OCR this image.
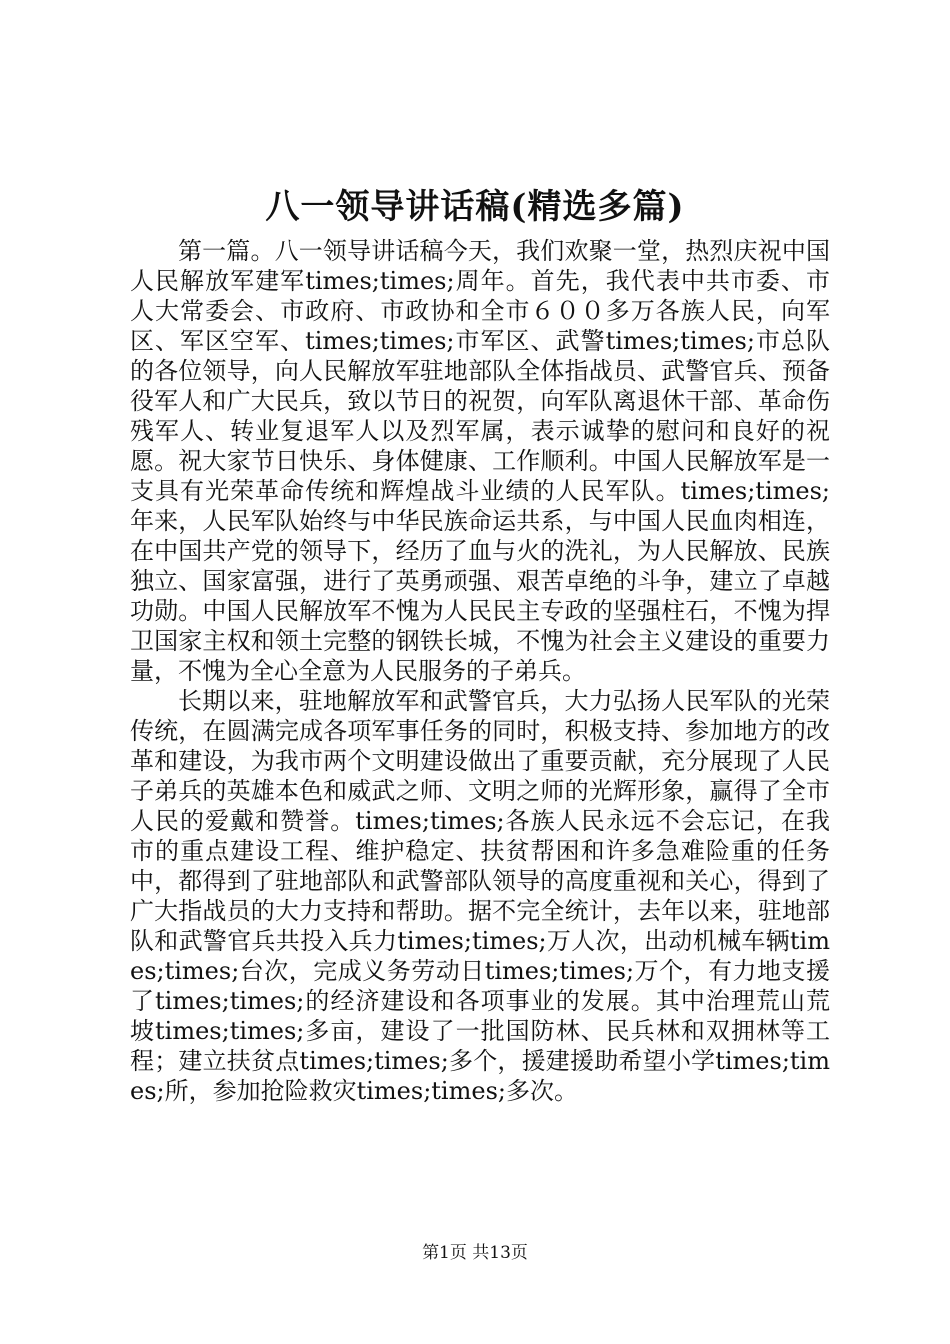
八一领导讲话稿(精选多篇)

第一篇。八一领导讲话稿今天，我们欢聚一堂，热烈庆祝中国人民解放军建军times;times;周年。首先，我代表中共市委、市人大常委会、市政府、市政协和全市６００多万各族人民，向军区、军区空军、times;times;市军区、武警times;times;市总队的各位领导，向人民解放军驻地部队全体指战员、武警官兵、预备役军人和广大民兵，致以节日的祝贺，向军队离退休干部、革命伤残军人、转业复退军人以及烈军属，表示诚挚的慰问和良好的祝愿。祝大家节日快乐、身体健康、工作顺利。中国人民解放军是一支具有光荣革命传统和辉煌战斗业绩的人民军队。times;times;年来，人民军队始终与中华民族命运共系，与中国人民血肉相连，在中国共产党的领导下，经历了血与火的洗礼，为人民解放、民族独立、国家富强，进行了英勇顽强、艰苦卓绝的斗争，建立了卓越功勋。中国人民解放军不愧为人民民主专政的坚强柱石，不愧为捍卫国家主权和领土完整的钢铁长城，不愧为社会主义建设的重要力量，不愧为全心全意为人民服务的子弟兵。

长期以来，驻地解放军和武警官兵，大力弘扬人民军队的光荣传统，在圆满完成各项军事任务的同时，积极支持、参加地方的改革和建设，为我市两个文明建设做出了重要贡献，充分展现了人民子弟兵的英雄本色和威武之师、文明之师的光辉形象，赢得了全市人民的爱戴和赞誉。times;times;各族人民永远不会忘记，在我市的重点建设工程、维护稳定、扶贫帮困和许多急难险重的任务中，都得到了驻地部队和武警部队领导的高度重视和关心，得到了广大指战员的大力支持和帮助。据不完全统计，去年以来，驻地部队和武警官兵共投入兵力times;times;万人次，出动机械车辆times;times;台次，完成义务劳动日times;times;万个，有力地支援了times;times;的经济建设和各项事业的发展。其中治理荒山荒坡times;times;多亩，建设了一批国防林、民兵林和双拥林等工程；建立扶贫点times;times;多个，援建援助希望小学times;times;所，参加抢险救灾times;times;多次。

第1页 共13页
